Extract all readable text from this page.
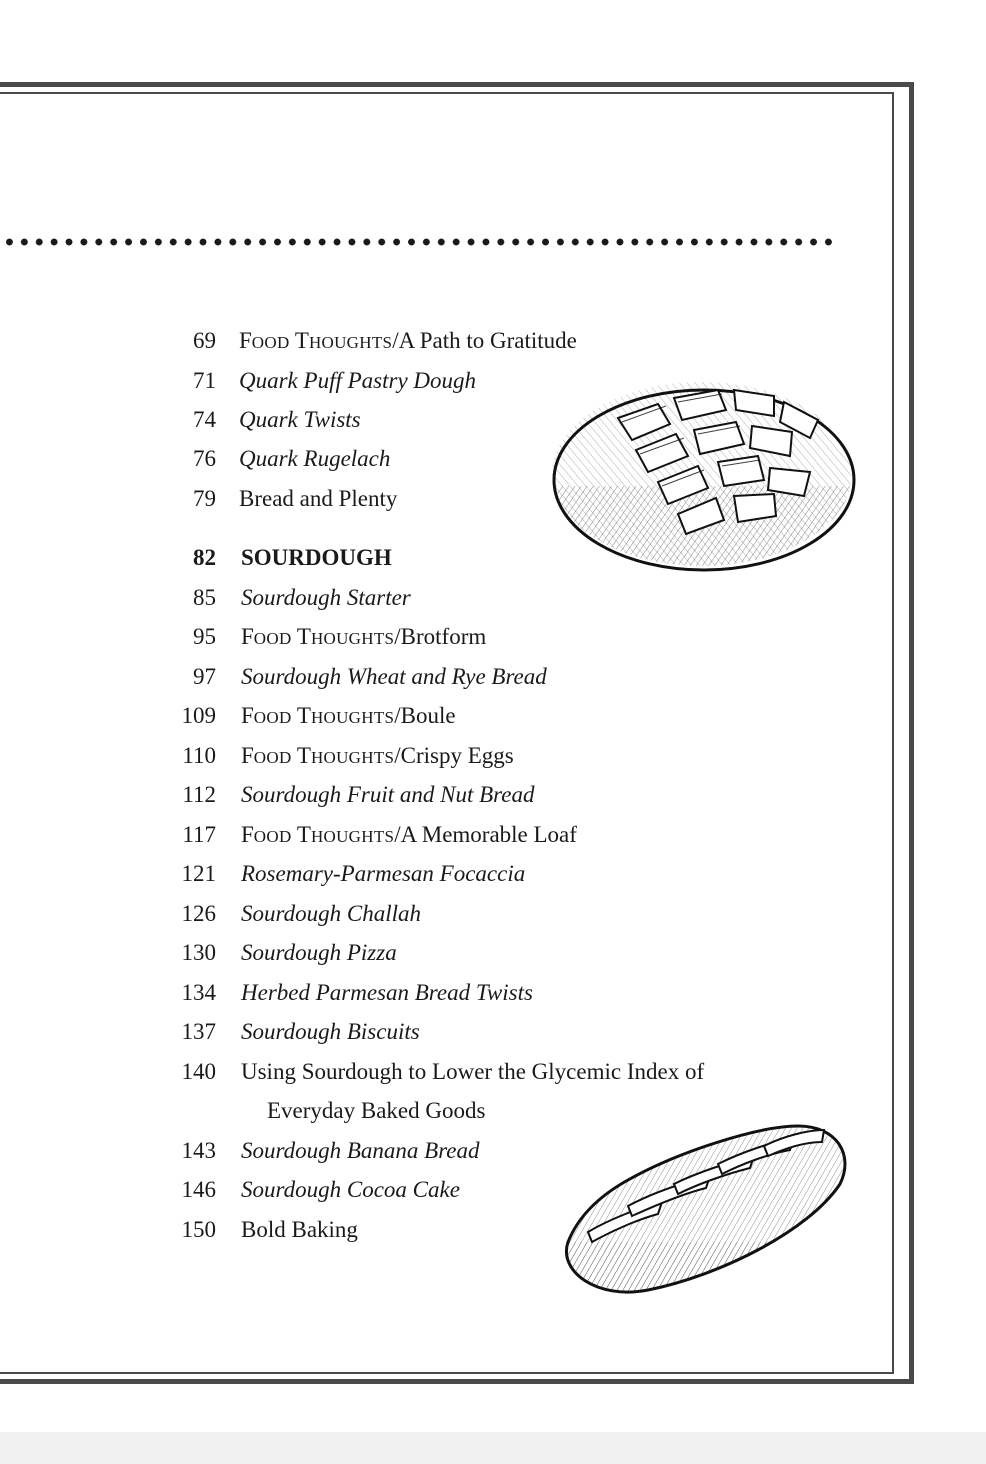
69 FOOD THOUGHTS/A Path to Gratitude
71 Quark Puff Pastry Dough
74 Quark Twists
76 Quark Rugelach
79 Bread and Plenty
82 SOURDOUGH
85 Sourdough Starter
95 FOOD THOUGHTS/Brotform
97 Sourdough Wheat and Rye Bread
109 FOOD THOUGHTS/Boule
110 FOOD THOUGHTS/Crispy Eggs
112 Sourdough Fruit and Nut Bread
117 FOOD THOUGHTS/A Memorable Loaf
121 Rosemary-Parmesan Focaccia
126 Sourdough Challah
130 Sourdough Pizza
134 Herbed Parmesan Bread Twists
137 Sourdough Biscuits
140 Using Sourdough to Lower the Glycemic Index of
Everyday Baked Goods
143 Sourdough Banana Bread
146 Sourdough Cocoa Cake
150 Bold Baking
